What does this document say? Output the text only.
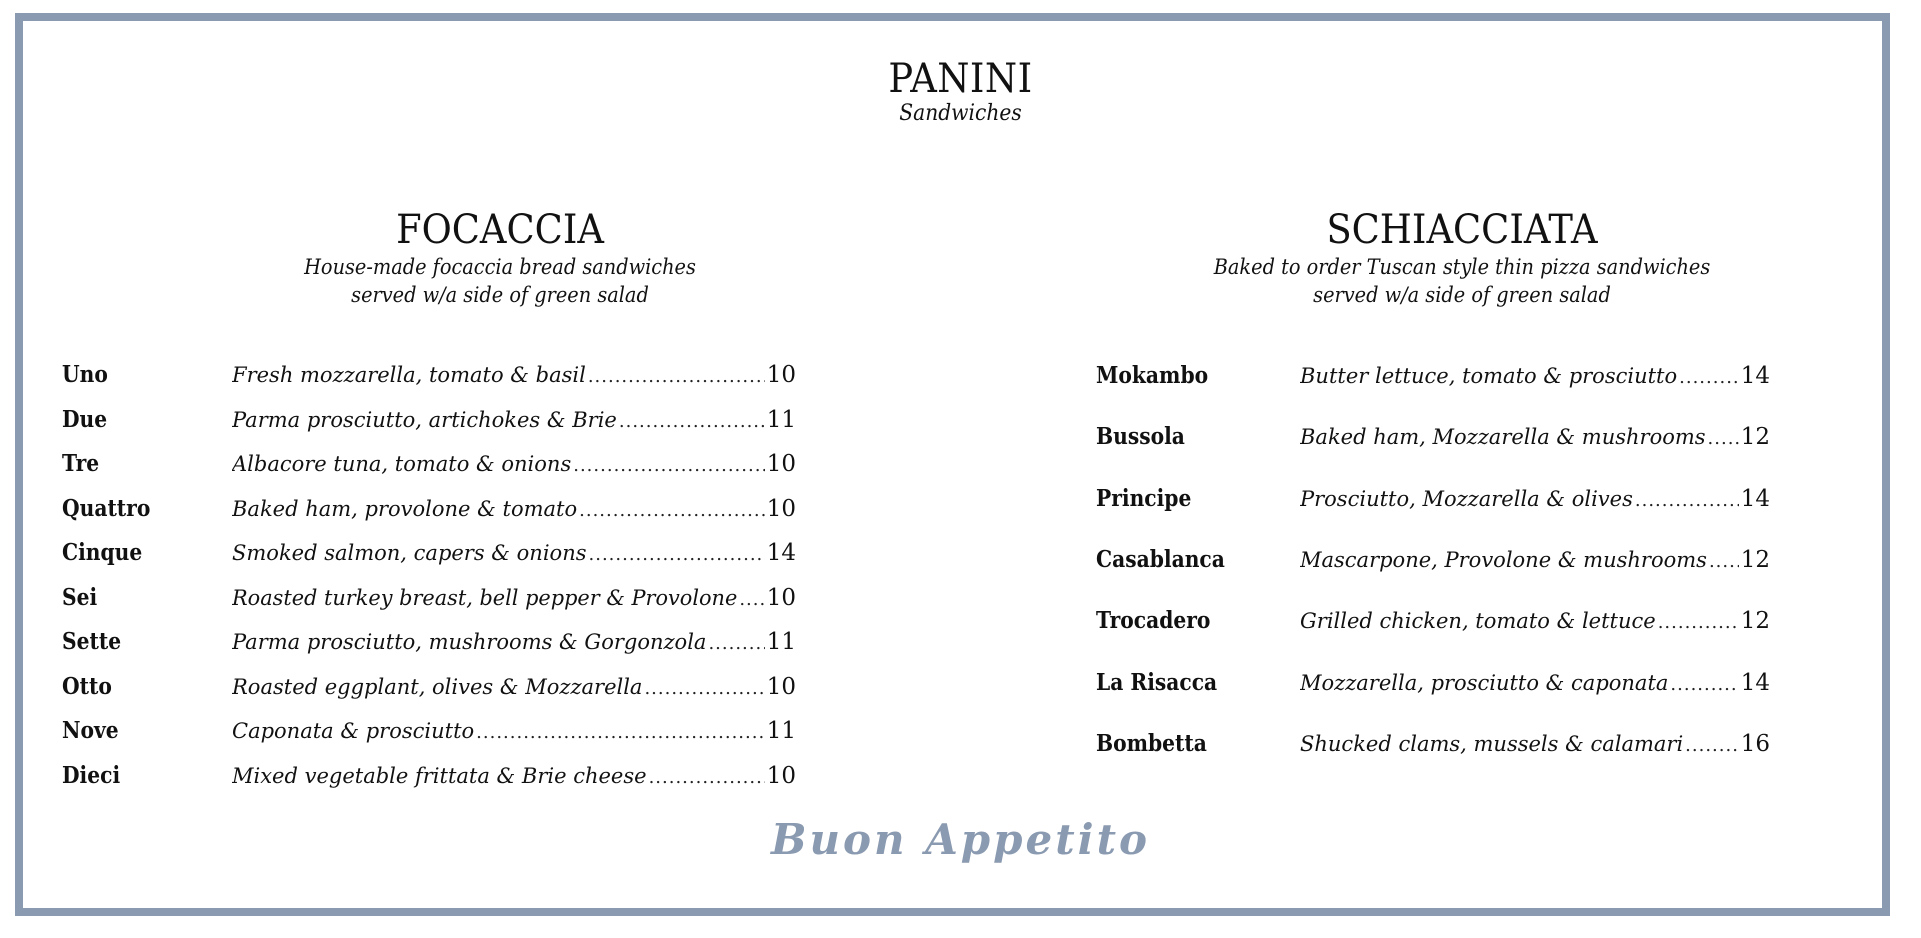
PANINI
Sandwiches
FOCACCIA
House-made focaccia bread sandwiches
served w/a side of green salad
Uno	Fresh mozzarella, tomato & basil .....	10
Due	Parma prosciutto, artichokes & Brie .....	11
Tre	Albacore tuna, tomato & onions .....	10
Quattro	Baked ham, provolone & tomato .....	10
Cinque	Smoked salmon, capers & onions .....	14
Sei	Roasted turkey breast, bell pepper & Provolone ..... 10
Sette	Parma prosciutto, mushrooms & Gorgonzola .....	11
Otto	Roasted eggplant, olives & Mozzarella .....	10
Nove	Caponata & prosciutto .....	11
Dieci	Mixed vegetable frittata & Brie cheese .....	10
SCHIACCIATA
Baked to order Tuscan style thin pizza sandwiches
served w/a side of green salad
Mokambo	Butter lettuce, tomato & prosciutto .....	14
Bussola	Baked ham, Mozzarella & mushrooms ..... 12
Principe	Prosciutto, Mozzarella & olives .....	14
Casablanca	Mascarpone, Provolone & mushrooms ..... 12
Trocadero	Grilled chicken, tomato & lettuce .....	12
La Risacca	Mozzarella, prosciutto & caponata .....	14
Bombetta	Shucked clams, mussels & calamari .....	16
Buon Appetito
